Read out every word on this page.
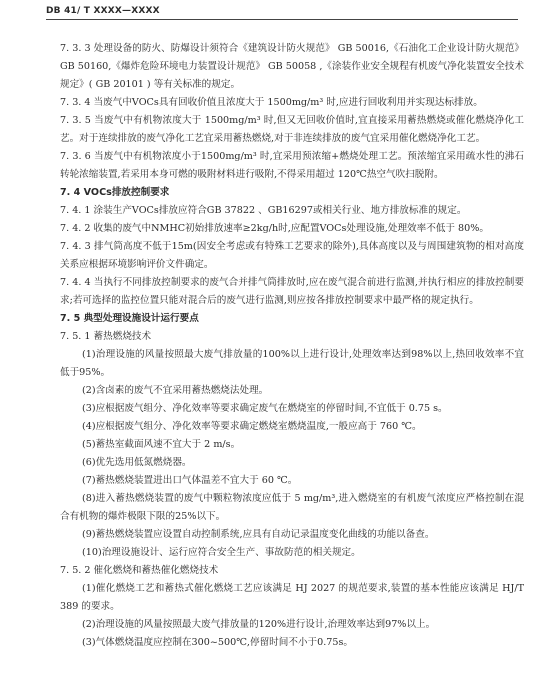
DB 41/ T XXXX—XXXX
7. 3. 3 处理设备的防火、防爆设计须符合《建筑设计防火规范》 GB 50016,《石油化工企业设计防火规范》 GB 50160,《爆炸危险环境电力装置设计规范》 GB 50058 ,《涂装作业安全规程有机废气净化装置安全技术规定》( GB 20101 ) 等有关标准的规定。
7. 3. 4 当废气中VOCs具有回收价值且浓度大于 1500mg/m³ 时,应进行回收利用并实现达标排放。
7. 3. 5 当废气中有机物浓度大于 1500mg/m³ 时,但又无回收价值时,宜直接采用蓄热燃烧或催化燃烧净化工艺。对于连续排放的废气净化工艺宜采用蓄热燃烧,对于非连续排放的废气宜采用催化燃烧净化工艺。
7. 3. 6 当废气中有机物浓度小于1500mg/m³ 时,宜采用预浓缩+燃烧处理工艺。预浓缩宜采用疏水性的沸石转轮浓缩装置,若采用本身可燃的吸附材料进行吸附,不得采用超过 120℃热空气吹扫脱附。
7. 4 VOCs排放控制要求
7. 4. 1 涂装生产VOCs排放应符合GB 37822 、GB16297或相关行业、地方排放标准的规定。
7. 4. 2 收集的废气中NMHC初始排放速率≥2kg/h时,应配置VOCs处理设施,处理效率不低于 80%。
7. 4. 3 排气筒高度不低于15m(因安全考虑或有特殊工艺要求的除外),具体高度以及与周围建筑物的相对高度关系应根据环境影响评价文件确定。
7. 4. 4 当执行不同排放控制要求的废气合并排气筒排放时,应在废气混合前进行监测,并执行相应的排放控制要求;若可选择的监控位置只能对混合后的废气进行监测,则应按各排放控制要求中最严格的规定执行。
7. 5 典型处理设施设计运行要点
7. 5. 1 蓄热燃烧技术
(1)治理设施的风量按照最大废气排放量的100%以上进行设计,处理效率达到98%以上,热回收效率不宜低于95%。
(2)含卤素的废气不宜采用蓄热燃烧法处理。
(3)应根据废气组分、净化效率等要求确定废气在燃烧室的停留时间,不宜低于 0.75 s。
(4)应根据废气组分、净化效率等要求确定燃烧室燃烧温度,一般应高于 760 ℃。
(5)蓄热室截面风速不宜大于 2 m/s。
(6)优先选用低氮燃烧器。
(7)蓄热燃烧装置进出口气体温差不宜大于 60 ℃。
(8)进入蓄热燃烧装置的废气中颗粒物浓度应低于 5 mg/m³,进入燃烧室的有机废气浓度应严格控制在混合有机物的爆炸极限下限的25%以下。
(9)蓄热燃烧装置应设置自动控制系统,应具有自动记录温度变化曲线的功能以备查。
(10)治理设施设计、运行应符合安全生产、事故防范的相关规定。
7. 5. 2 催化燃烧和蓄热催化燃烧技术
(1)催化燃烧工艺和蓄热式催化燃烧工艺应该满足 HJ 2027 的规范要求,装置的基本性能应该满足 HJ/T 389 的要求。
(2)治理设施的风量按照最大废气排放量的120%进行设计,治理效率达到97%以上。
(3)气体燃烧温度应控制在300~500℃,停留时间不小于0.75s。
